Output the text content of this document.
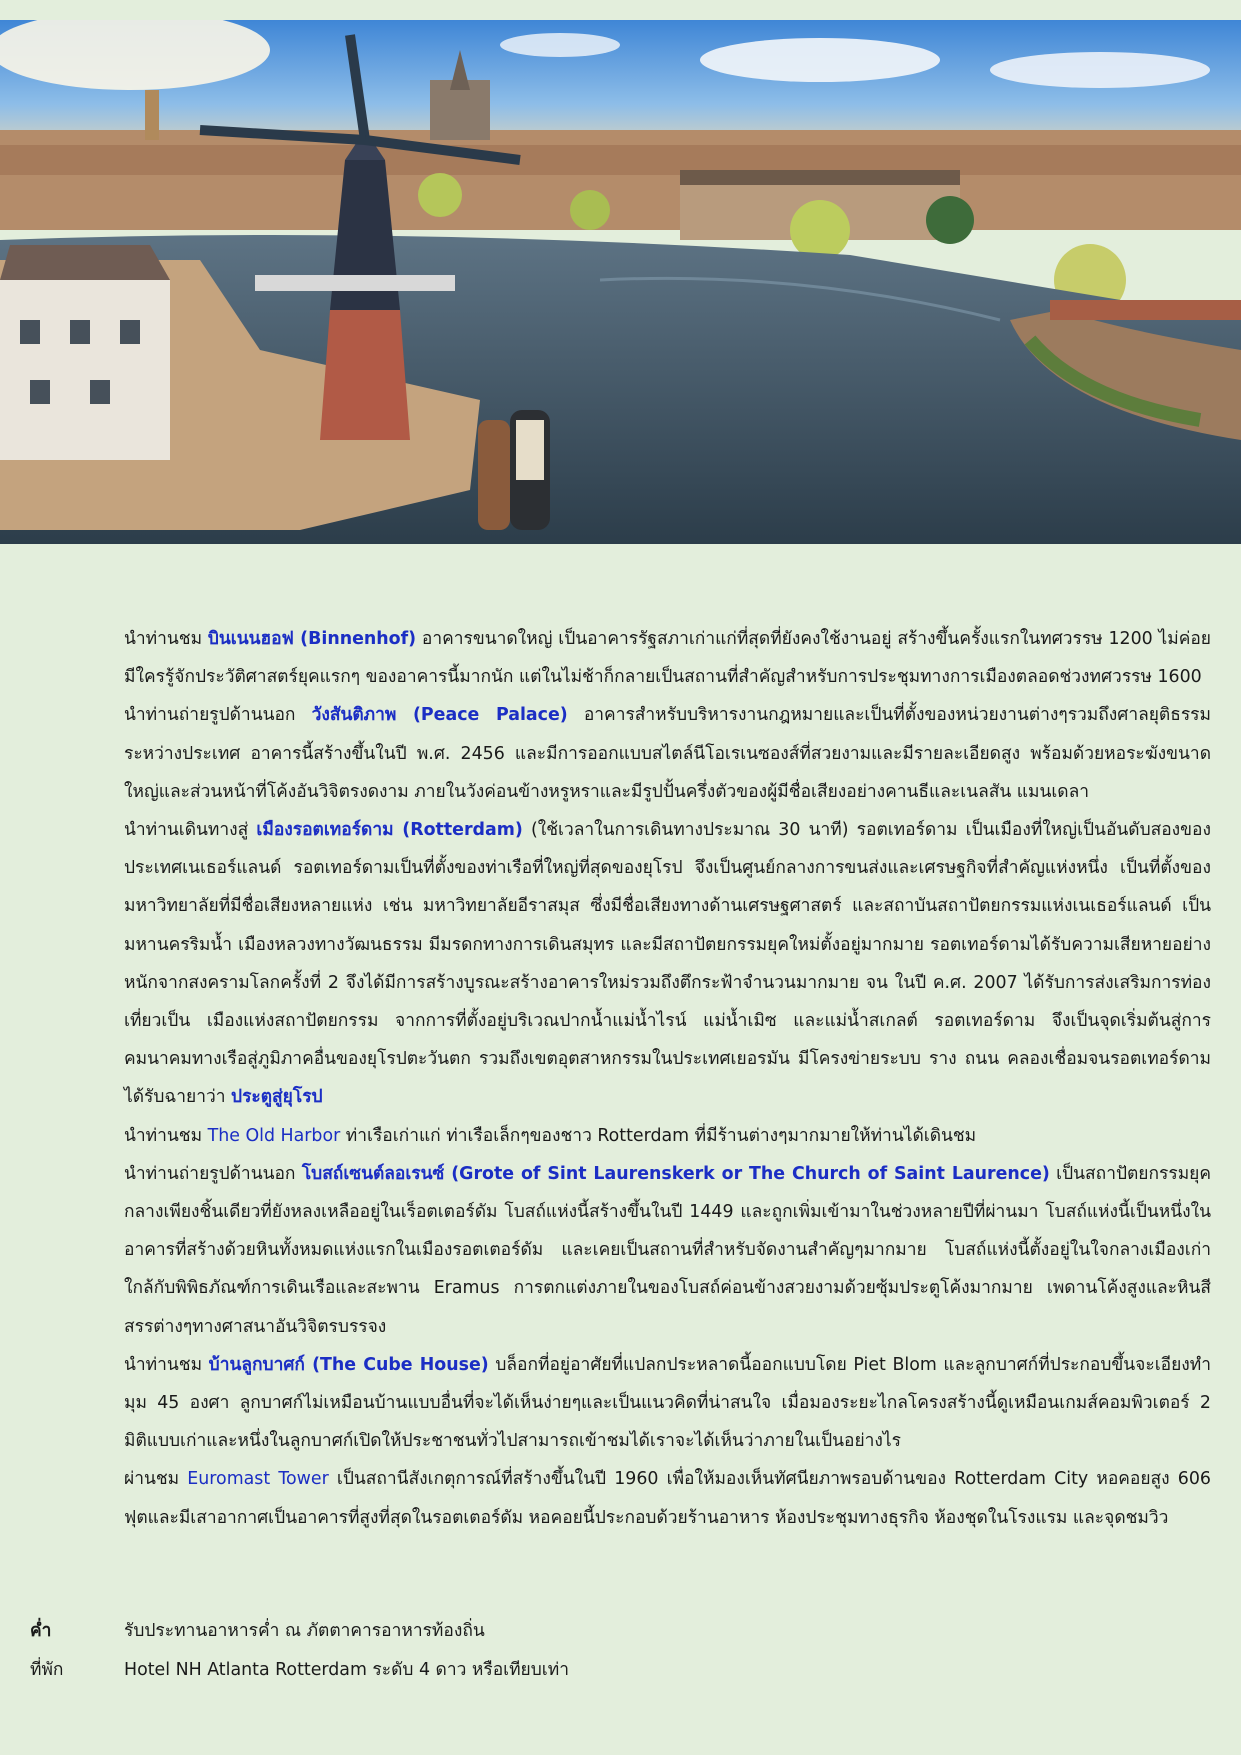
นำท่านชม บินเนนฮอฟ (Binnenhof) อาคารขนาดใหญ่ เป็นอาคารรัฐสภาเก่าแก่ที่สุดที่ยังคงใช้งานอยู่ สร้างขึ้นครั้งแรกในทศวรรษ 1200 ไม่ค่อยมีใครรู้จักประวัติศาสตร์ยุคแรกๆ ของอาคารนี้มากนัก แต่ในไม่ช้าก็กลายเป็นสถานที่สำคัญสำหรับการประชุมทางการเมืองตลอดช่วงทศวรรษ 1600

นำท่านถ่ายรูปด้านนอก วังสันติภาพ (Peace Palace) อาคารสำหรับบริหารงานกฎหมายและเป็นที่ตั้งของหน่วยงานต่างๆรวมถึงศาลยุติธรรมระหว่างประเทศ อาคารนี้สร้างขึ้นในปี พ.ศ. 2456 และมีการออกแบบสไตล์นีโอเรเนซองส์ที่สวยงามและมีรายละเอียดสูง พร้อมด้วยหอระฆังขนาดใหญ่และส่วนหน้าที่โค้งอันวิจิตรงดงาม ภายในวังค่อนข้างหรูหราและมีรูปปั้นครึ่งตัวของผู้มีชื่อเสียงอย่างคานธีและเนลสัน แมนเดลา

นำท่านเดินทางสู่ เมืองรอตเทอร์ดาม (Rotterdam) (ใช้เวลาในการเดินทางประมาณ 30 นาที) รอตเทอร์ดาม เป็นเมืองที่ใหญ่เป็นอันดับสองของประเทศเนเธอร์แลนด์ รอตเทอร์ดามเป็นที่ตั้งของท่าเรือที่ใหญ่ที่สุดของยุโรป จึงเป็นศูนย์กลางการขนส่งและเศรษฐกิจที่สำคัญแห่งหนึ่ง เป็นที่ตั้งของมหาวิทยาลัยที่มีชื่อเสียงหลายแห่ง เช่น มหาวิทยาลัยอีราสมุส ซึ่งมีชื่อเสียงทางด้านเศรษฐศาสตร์ และสถาบันสถาปัตยกรรมแห่งเนเธอร์แลนด์ เป็นมหานครริมน้ำ เมืองหลวงทางวัฒนธรรม มีมรดกทางการเดินสมุทร และมีสถาปัตยกรรมยุคใหม่ตั้งอยู่มากมาย รอตเทอร์ดามได้รับความเสียหายอย่างหนักจากสงครามโลกครั้งที่ 2 จึงได้มีการสร้างบูรณะสร้างอาคารใหม่รวมถึงตึกระฟ้าจำนวนมากมาย จน ในปี ค.ศ. 2007 ได้รับการส่งเสริมการท่องเที่ยวเป็น เมืองแห่งสถาปัตยกรรม จากการที่ตั้งอยู่บริเวณปากน้ำแม่น้ำไรน์ แม่น้ำเมิซ และแม่น้ำสเกลต์ รอตเทอร์ดาม จึงเป็นจุดเริ่มต้นสู่การคมนาคมทางเรือสู่ภูมิภาคอื่นของยุโรปตะวันตก รวมถึงเขตอุตสาหกรรมในประเทศเยอรมัน มีโครงข่ายระบบ ราง ถนน คลองเชื่อมจนรอตเทอร์ดามได้รับฉายาว่า ประตูสู่ยุโรป

นำท่านชม The Old Harbor ท่าเรือเก่าแก่ ท่าเรือเล็กๆของชาว Rotterdam ที่มีร้านต่างๆมากมายให้ท่านได้เดินชม

นำท่านถ่ายรูปด้านนอก โบสถ์เซนต์ลอเรนซ์ (Grote of Sint Laurenskerk or The Church of Saint Laurence) เป็นสถาปัตยกรรมยุคกลางเพียงชิ้นเดียวที่ยังหลงเหลืออยู่ในเร็อตเตอร์ดัม โบสถ์แห่งนี้สร้างขึ้นในปี 1449 และถูกเพิ่มเข้ามาในช่วงหลายปีที่ผ่านมา โบสถ์แห่งนี้เป็นหนึ่งในอาคารที่สร้างด้วยหินทั้งหมดแห่งแรกในเมืองรอตเตอร์ดัม และเคยเป็นสถานที่สำหรับจัดงานสำคัญๆมากมาย โบสถ์แห่งนี้ตั้งอยู่ในใจกลางเมืองเก่า ใกล้กับพิพิธภัณฑ์การเดินเรือและสะพาน Eramus การตกแต่งภายในของโบสถ์ค่อนข้างสวยงามด้วยซุ้มประตูโค้งมากมาย เพดานโค้งสูงและหินสีสรรต่างๆทางศาสนาอันวิจิตรบรรจง

นำท่านชม บ้านลูกบาศก์ (The Cube House) บล็อกที่อยู่อาศัยที่แปลกประหลาดนี้ออกแบบโดย Piet Blom และลูกบาศก์ที่ประกอบขึ้นจะเอียงทำมุม 45 องศา ลูกบาศก์ไม่เหมือนบ้านแบบอื่นที่จะได้เห็นง่ายๆและเป็นแนวคิดที่น่าสนใจ เมื่อมองระยะไกลโครงสร้างนี้ดูเหมือนเกมส์คอมพิวเตอร์ 2 มิติแบบเก่าและหนึ่งในลูกบาศก์เปิดให้ประชาชนทั่วไปสามารถเข้าชมได้เราจะได้เห็นว่าภายในเป็นอย่างไร

ผ่านชม Euromast Tower เป็นสถานีสังเกตุการณ์ที่สร้างขึ้นในปี 1960 เพื่อให้มองเห็นทัศนียภาพรอบด้านของ Rotterdam City หอคอยสูง 606 ฟุตและมีเสาอากาศเป็นอาคารที่สูงที่สุดในรอตเตอร์ดัม หอคอยนี้ประกอบด้วยร้านอาหาร ห้องประชุมทางธุรกิจ ห้องชุดในโรงแรม และจุดชมวิว

ค่ำ	รับประทานอาหารค่ำ ณ ภัตตาคารอาหารท้องถิ่น
ที่พัก	Hotel NH Atlanta Rotterdam ระดับ 4 ดาว หรือเทียบเท่า
